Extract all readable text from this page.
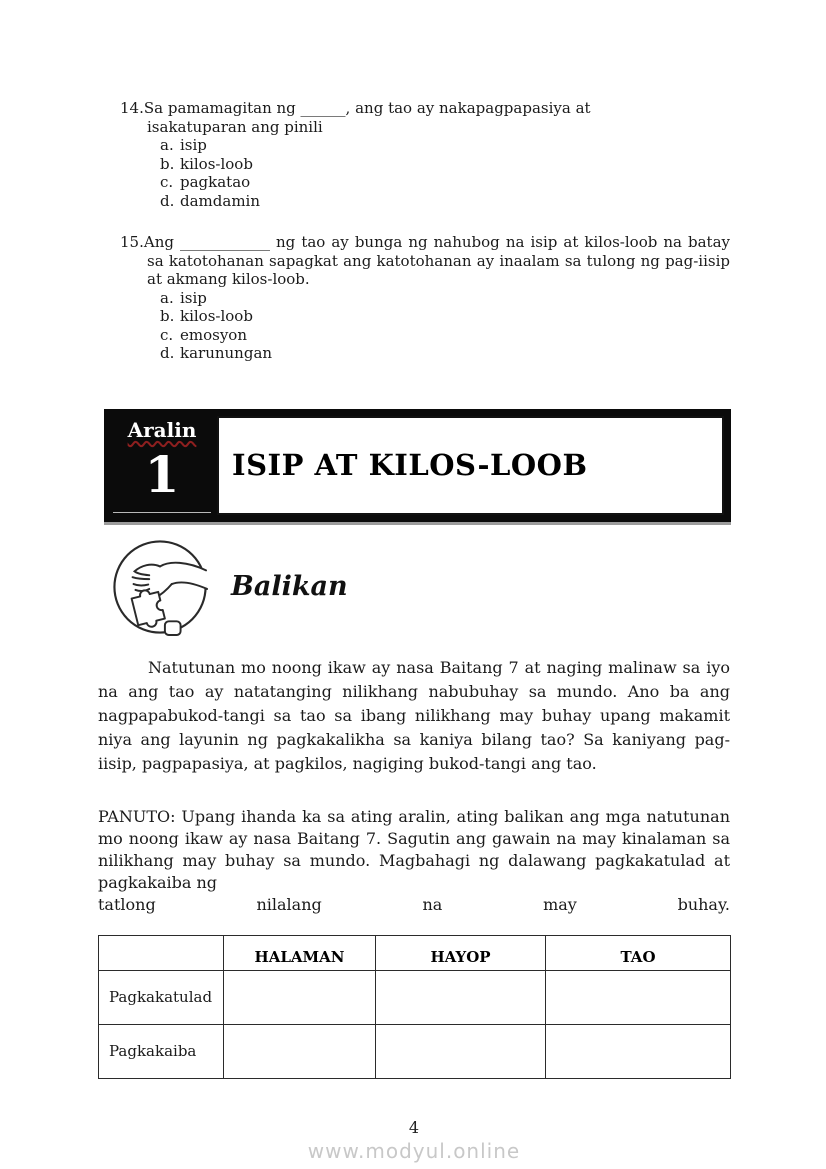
14.Sa pamamagitan ng ______, ang tao ay nakapagpapasiya at
isakatuparan ang pinili
a. isip
b. kilos-loob
c. pagkatao
d. damdamin
15.Ang ____________ ng tao ay bunga ng nahubog na isip at kilos-loob na batay sa katotohanan sapagkat ang katotohanan ay inaalam sa tulong ng pag-iisip at akmang kilos-loob.
a. isip
b. kilos-loob
c. emosyon
d. karunungan
Aralin
1 ISIP AT KILOS-LOOB
Balikan

Natutunan mo noong ikaw ay nasa Baitang 7 at naging malinaw sa iyo na ang tao ay natatanging nilikhang nabubuhay sa mundo. Ano ba ang nagpapabukod-tangi sa tao sa ibang nilikhang may buhay upang makamit niya ang layunin ng pagkakalikha sa kaniya bilang tao? Sa kaniyang pag-iisip, pagpapasiya, at pagkilos, nagiging bukod-tangi ang tao.

PANUTO: Upang ihanda ka sa ating aralin, ating balikan ang mga natutunan mo noong ikaw ay nasa Baitang 7. Sagutin ang gawain na may kinalaman sa nilikhang may buhay sa mundo. Magbahagi ng dalawang pagkakatulad at pagkakaiba ng
tatlong	nilalang	na	may	buhay.
	HALAMAN	HAYOP	TAO
Pagkakatulad			
Pagkakaiba			
4
www.modyul.online
